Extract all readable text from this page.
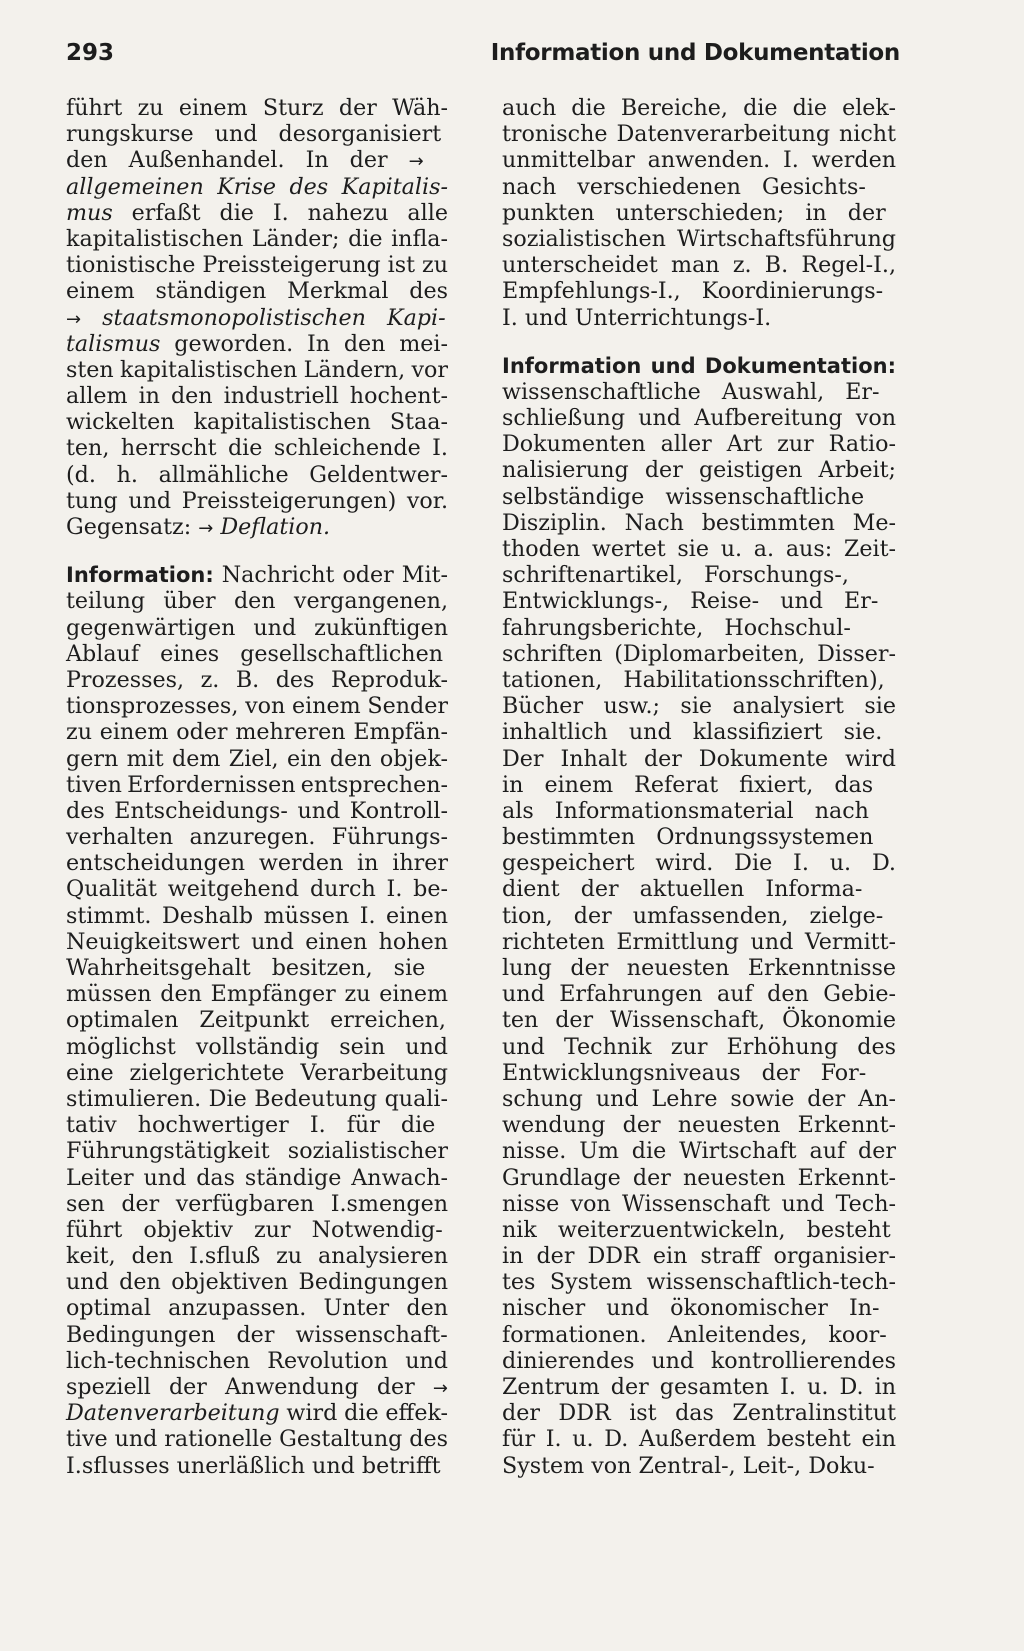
293	Information und Dokumentation
führt zu einem Sturz der Wäh-
rungskurse und desorganisiert
den Außenhandel. In der →
allgemeinen Krise des Kapitalis-
mus erfaßt die I. nahezu alle
kapitalistischen Länder; die infla-
tionistische Preissteigerung ist zu
einem ständigen Merkmal des
→ staatsmonopolistischen Kapi-
talismus geworden. In den mei-
sten kapitalistischen Ländern, vor
allem in den industriell hochent-
wickelten kapitalistischen Staa-
ten, herrscht die schleichende I.
(d. h. allmähliche Geldentwer-
tung und Preissteigerungen) vor.
Gegensatz: → Deflation.
Information: Nachricht oder Mit-
teilung über den vergangenen,
gegenwärtigen und zukünftigen
Ablauf eines gesellschaftlichen
Prozesses, z. B. des Reproduk-
tionsprozesses, von einem Sender
zu einem oder mehreren Empfän-
gern mit dem Ziel, ein den objek-
tiven Erfordernissen entsprechen-
des Entscheidungs- und Kontroll-
verhalten anzuregen. Führungs-
entscheidungen werden in ihrer
Qualität weitgehend durch I. be-
stimmt. Deshalb müssen I. einen
Neuigkeitswert und einen hohen
Wahrheitsgehalt besitzen, sie
müssen den Empfänger zu einem
optimalen Zeitpunkt erreichen,
möglichst vollständig sein und
eine zielgerichtete Verarbeitung
stimulieren. Die Bedeutung quali-
tativ hochwertiger I. für die
Führungstätigkeit sozialistischer
Leiter und das ständige Anwach-
sen der verfügbaren I.smengen
führt objektiv zur Notwendig-
keit, den I.sfluß zu analysieren
und den objektiven Bedingungen
optimal anzupassen. Unter den
Bedingungen der wissenschaft-
lich-technischen Revolution und
speziell der Anwendung der →
Datenverarbeitung wird die effek-
tive und rationelle Gestaltung des
I.sflusses unerläßlich und betrifft
auch die Bereiche, die die elek-
tronische Datenverarbeitung nicht
unmittelbar anwenden. I. werden
nach verschiedenen Gesichts-
punkten unterschieden; in der
sozialistischen Wirtschaftsführung
unterscheidet man z. B. Regel-I.,
Empfehlungs-I., Koordinierungs-
I. und Unterrichtungs-I.
Information und Dokumentation:
wissenschaftliche Auswahl, Er-
schließung und Aufbereitung von
Dokumenten aller Art zur Ratio-
nalisierung der geistigen Arbeit;
selbständige wissenschaftliche
Disziplin. Nach bestimmten Me-
thoden wertet sie u. a. aus: Zeit-
schriftenartikel, Forschungs-,
Entwicklungs-, Reise- und Er-
fahrungsberichte, Hochschul-
schriften (Diplomarbeiten, Disser-
tationen, Habilitationsschriften),
Bücher usw.; sie analysiert sie
inhaltlich und klassifiziert sie.
Der Inhalt der Dokumente wird
in einem Referat fixiert, das
als Informationsmaterial nach
bestimmten Ordnungssystemen
gespeichert wird. Die I. u. D.
dient der aktuellen Informa-
tion, der umfassenden, zielge-
richteten Ermittlung und Vermitt-
lung der neuesten Erkenntnisse
und Erfahrungen auf den Gebie-
ten der Wissenschaft, Ökonomie
und Technik zur Erhöhung des
Entwicklungsniveaus der For-
schung und Lehre sowie der An-
wendung der neuesten Erkennt-
nisse. Um die Wirtschaft auf der
Grundlage der neuesten Erkennt-
nisse von Wissenschaft und Tech-
nik weiterzuentwickeln, besteht
in der DDR ein straff organisier-
tes System wissenschaftlich-tech-
nischer und ökonomischer In-
formationen. Anleitendes, koor-
dinierendes und kontrollierendes
Zentrum der gesamten I. u. D. in
der DDR ist das Zentralinstitut
für I. u. D. Außerdem besteht ein
System von Zentral-, Leit-, Doku-
